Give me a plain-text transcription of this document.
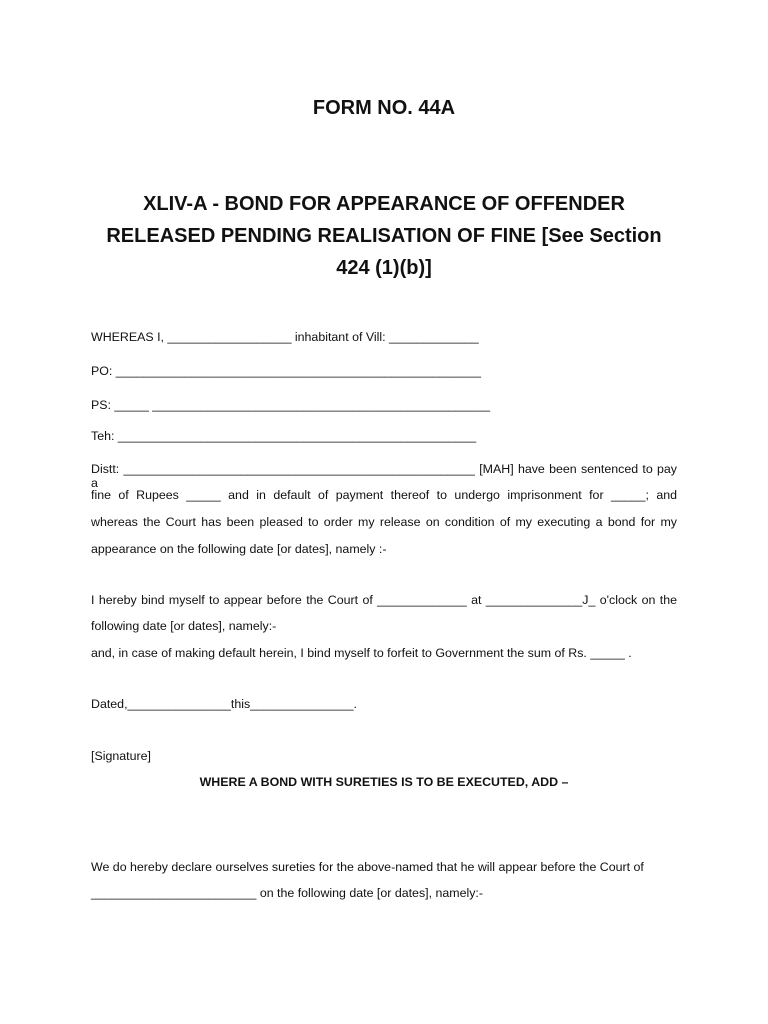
FORM NO. 44A
XLIV-A - BOND FOR APPEARANCE OF OFFENDER
RELEASED PENDING REALISATION OF FINE [See Section
424 (1)(b)]
WHEREAS I, __________________ inhabitant of Vill: _____________
PO: _____________________________________________________
PS: _____ _________________________________________________
Teh: ____________________________________________________
Distt: ___________________________________________________ [MAH] have been sentenced to pay a
fine of Rupees _____ and in default of payment thereof to undergo imprisonment for _____; and
whereas the Court has been pleased to order my release on condition of my executing a bond for my
appearance on the following date [or dates], namely :-
I hereby bind myself to appear before the Court of _____________ at ______________J_ o'clock on the
following date [or dates], namely:-
and, in case of making default herein, I bind myself to forfeit to Government the sum of Rs. _____ .
Dated,_______________this_______________.
[Signature]
WHERE A BOND WITH SURETIES IS TO BE EXECUTED, ADD –
We do hereby declare ourselves sureties for the above-named that he will appear before the Court of
________________________ on the following date [or dates], namely:-
